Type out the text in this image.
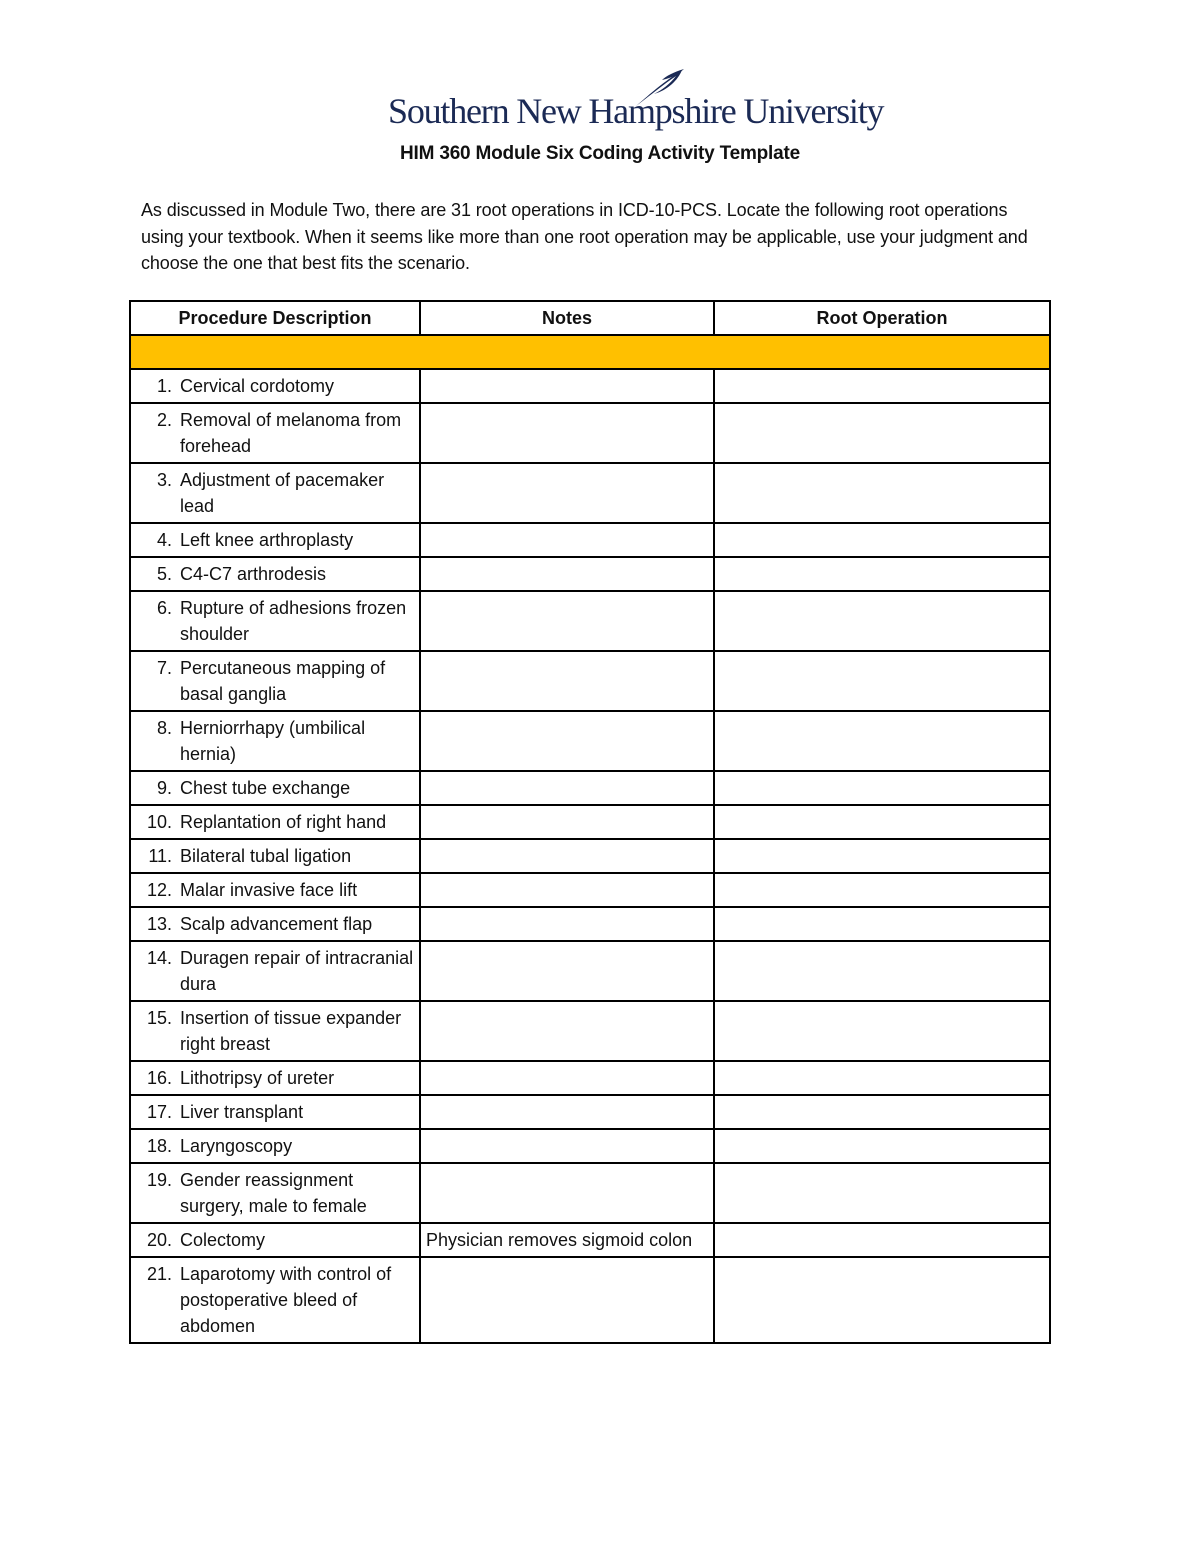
Southern New Hampshire University
HIM 360 Module Six Coding Activity Template
As discussed in Module Two, there are 31 root operations in ICD-10-PCS. Locate the following root operations using your textbook. When it seems like more than one root operation may be applicable, use your judgment and choose the one that best fits the scenario.
Procedure Description	Notes	Root Operation

1. Cervical cordotomy		

2. Removal of melanoma from forehead		

3. Adjustment of pacemaker lead		

4. Left knee arthroplasty		

5. C4-C7 arthrodesis		

6. Rupture of adhesions frozen shoulder		

7. Percutaneous mapping of basal ganglia		

8. Herniorrhapy (umbilical hernia)		

9. Chest tube exchange		

10. Replantation of right hand		

11. Bilateral tubal ligation		

12. Malar invasive face lift		

13. Scalp advancement flap		

14. Duragen repair of intracranial dura		

15. Insertion of tissue expander right breast		

16. Lithotripsy of ureter		

17. Liver transplant		

18. Laryngoscopy		

19. Gender reassignment surgery, male to female		

20. Colectomy	Physician removes sigmoid colon	

21. Laparotomy with control of postoperative bleed of abdomen		
